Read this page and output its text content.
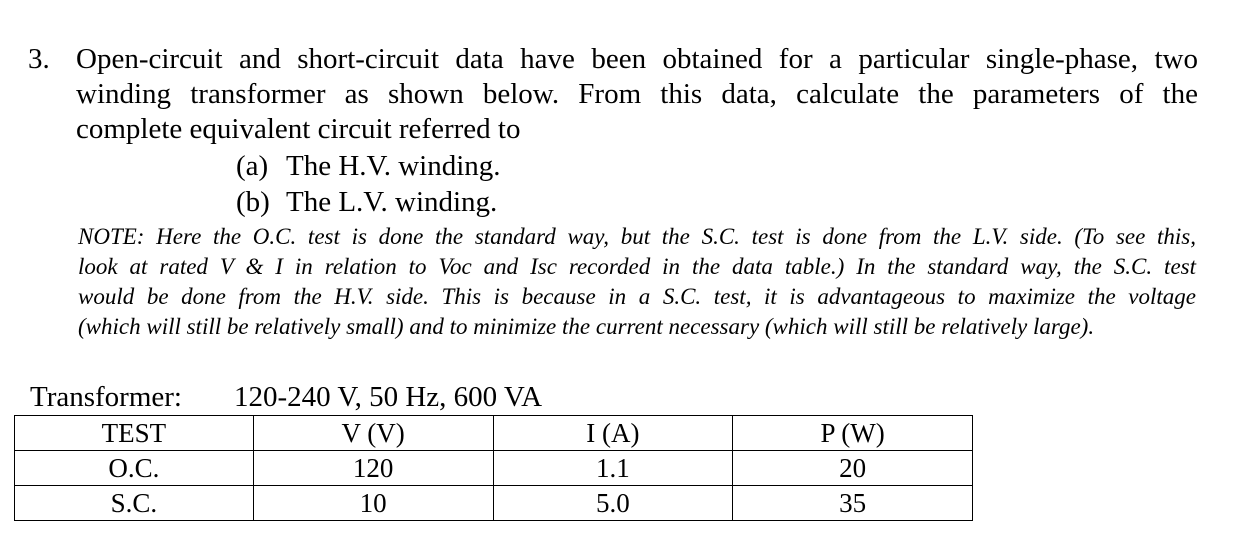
3. Open-circuit and short-circuit data have been obtained for a particular single-phase, two
winding transformer as shown below. From this data, calculate the parameters of the
complete equivalent circuit referred to
(a) The H.V. winding.
(b) The L.V. winding.
NOTE: Here the O.C. test is done the standard way, but the S.C. test is done from the L.V. side. (To see this,
look at rated V & I in relation to Voc and Isc recorded in the data table.) In the standard way, the S.C. test
would be done from the H.V. side. This is because in a S.C. test, it is advantageous to maximize the voltage
(which will still be relatively small) and to minimize the current necessary (which will still be relatively large).
Transformer: 120-240 V, 50 Hz, 600 VA
TEST	V (V)	I (A)	P (W)
O.C.	120	1.1	20
S.C.	10	5.0	35
